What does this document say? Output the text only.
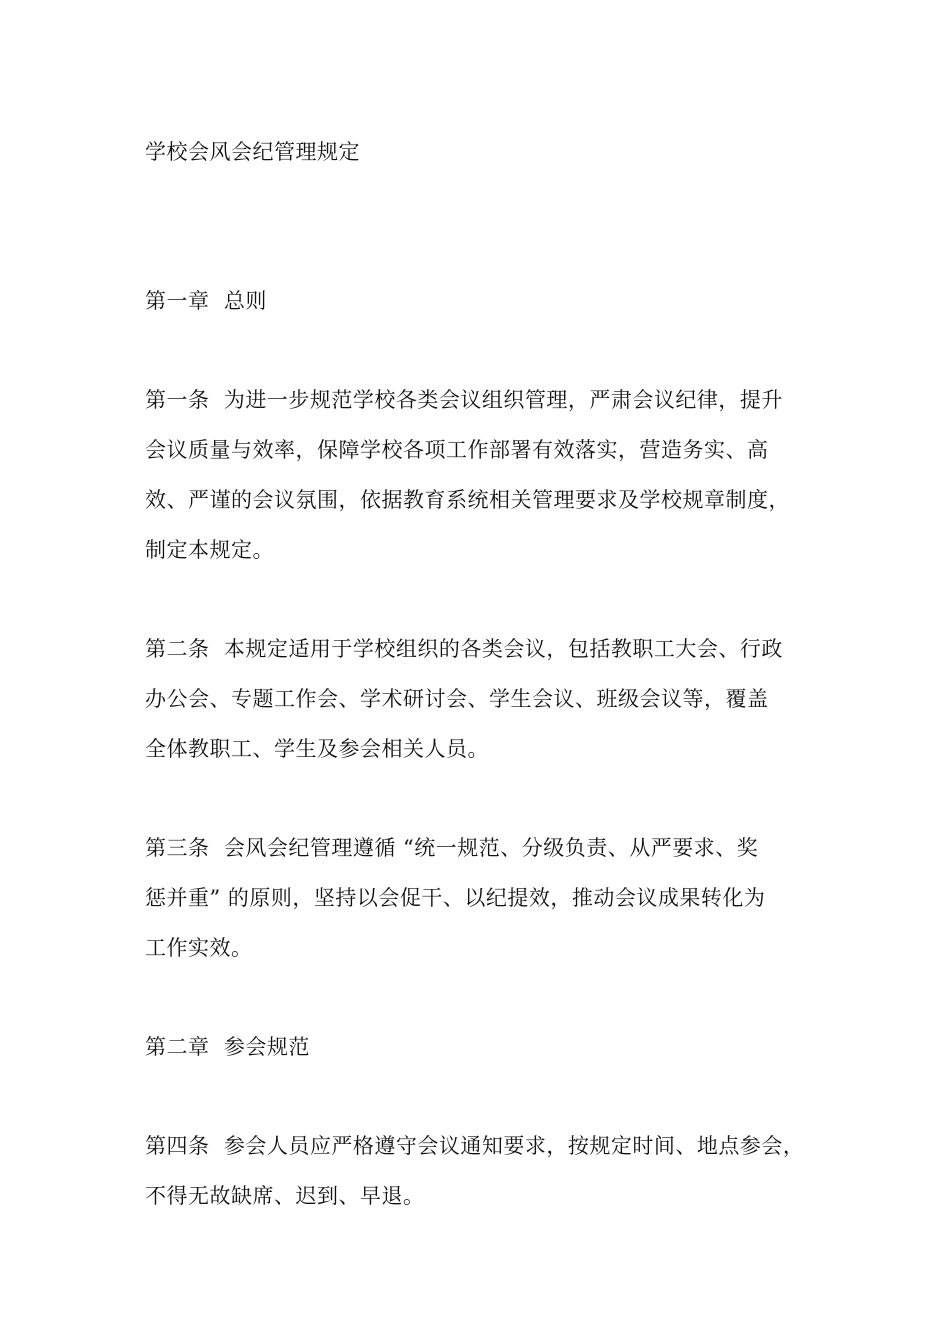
学校会风会纪管理规定
第一章  总则
第一条  为进一步规范学校各类会议组织管理，严肃会议纪律，提升
会议质量与效率，保障学校各项工作部署有效落实，营造务实、高
效、严谨的会议氛围，依据教育系统相关管理要求及学校规章制度，
制定本规定。
第二条  本规定适用于学校组织的各类会议，包括教职工大会、行政
办公会、专题工作会、学术研讨会、学生会议、班级会议等，覆盖
全体教职工、学生及参会相关人员。
第三条  会风会纪管理遵循 “统一规范、分级负责、从严要求、奖
惩并重” 的原则，坚持以会促干、以纪提效，推动会议成果转化为
工作实效。
第二章  参会规范
第四条  参会人员应严格遵守会议通知要求，按规定时间、地点参会，
不得无故缺席、迟到、早退。
